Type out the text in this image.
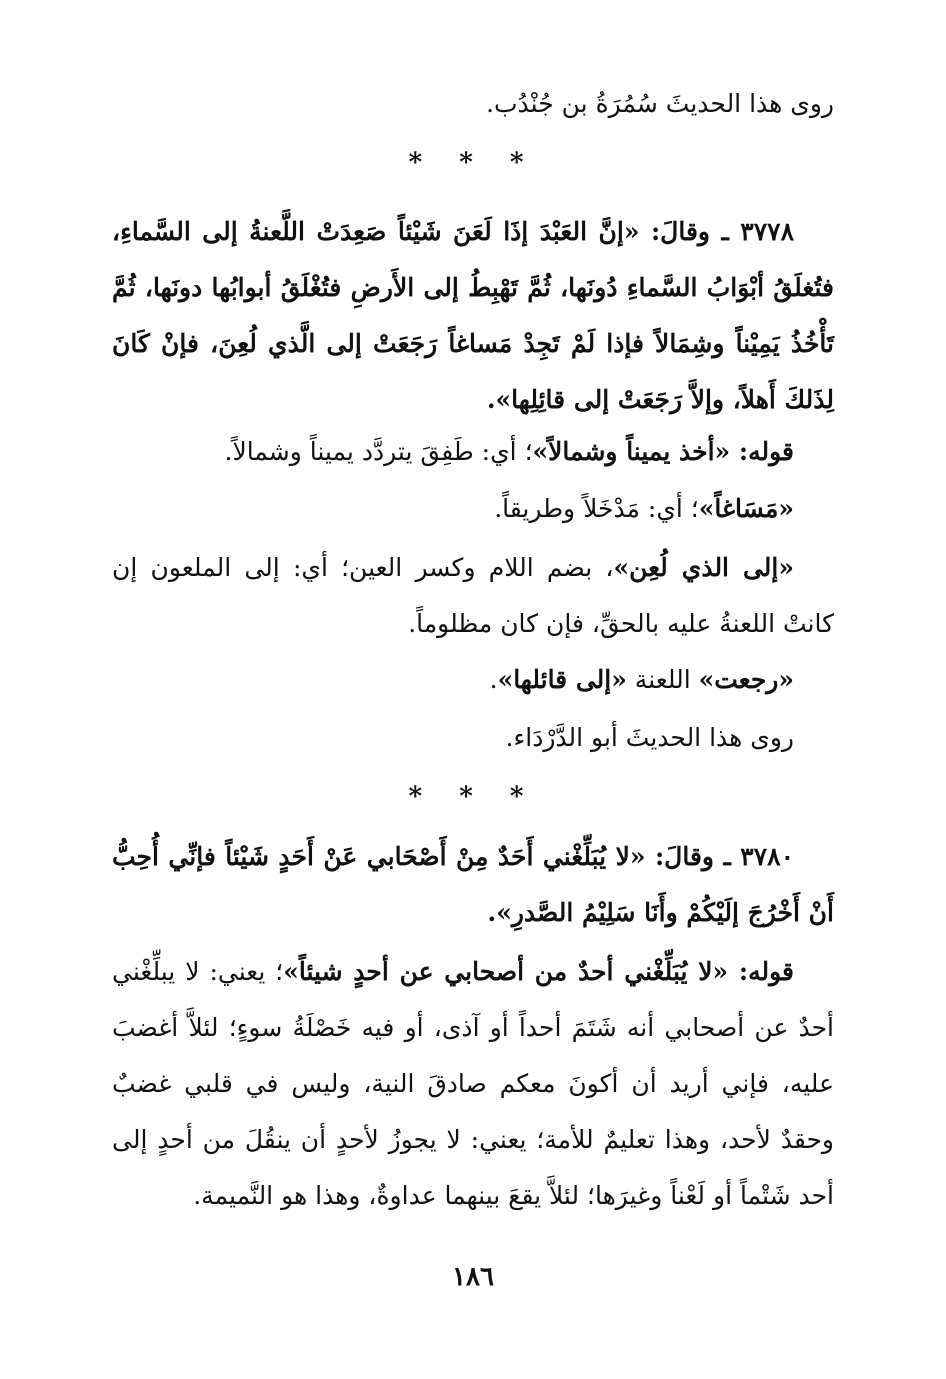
روى هذا الحديثَ سُمُرَةُ بن جُنْدُب.
٣٧٧٨ ـ وقالَ: «إنَّ العَبْدَ إذَا لَعَنَ شَيْئاً صَعِدَتْ اللَّعنةُ إلى السَّماءِ، فتُغلَقُ أبْوَابُ السَّماءِ دُونَها، ثُمَّ تَهْبِطُ إلى الأَرضِ فتُغْلَقُ أبوابُها دونَها، ثُمَّ تَأْخُذُ يَمِيْناً وشِمَالاً فإذا لَمْ تَجِدْ مَساغاً رَجَعَتْ إلى الَّذي لُعِنَ، فإنْ كَانَ لِذَلكَ أَهلاً، وإلاَّ رَجَعَتْ إلى قائِلِها».
قوله: «أخذ يميناً وشمالاً»؛ أي: طَفِقَ يتردَّد يميناً وشمالاً.
«مَسَاغاً»؛ أي: مَدْخَلاً وطريقاً.
«إلى الذي لُعِن»، بضم اللام وكسر العين؛ أي: إلى الملعون إن كانتْ اللعنةُ عليه بالحقِّ، فإن كان مظلوماً.
«رجعت» اللعنة «إلى قائلها».
روى هذا الحديثَ أبو الدَّرْدَاء.
٣٧٨٠ ـ وقالَ: «لا يُبَلِّغْني أَحَدٌ مِنْ أَصْحَابي عَنْ أَحَدٍ شَيْئاً فإنِّي أُحِبُّ أَنْ أَخْرُجَ إلَيْكُمْ وأَنَا سَلِيْمُ الصَّدرِ».
قوله: «لا يُبَلِّغْني أحدٌ من أصحابي عن أحدٍ شيئاً»؛ يعني: لا يبلِّغْني أحدٌ عن أصحابي أنه شَتَمَ أحداً أو آذى، أو فيه خَصْلَةُ سوءٍ؛ لئلاَّ أغضبَ عليه، فإني أريد أن أكونَ معكم صادقَ النية، وليس في قلبي غضبٌ وحقدٌ لأحد، وهذا تعليمٌ للأمة؛ يعني: لا يجوزُ لأحدٍ أن ينقُلَ من أحدٍ إلى أحد شَتْماً أو لَعْناً وغيرَها؛ لئلاَّ يقعَ بينهما عداوةٌ، وهذا هو النَّميمة.
* * *
* * *
١٨٦
